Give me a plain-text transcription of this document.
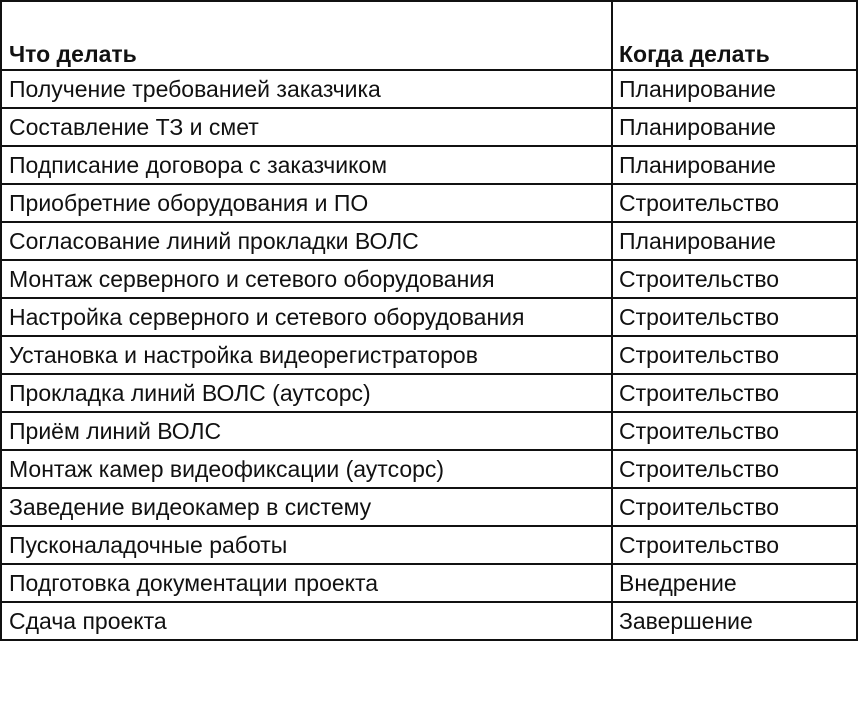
Что делать	Когда делать
Получение требованией заказчика	Планирование
Составление ТЗ и смет	Планирование
Подписание договора с заказчиком	Планирование
Приобретние оборудования и ПО	Строительство
Согласование линий прокладки ВОЛС	Планирование
Монтаж серверного и сетевого оборудования	Строительство
Настройка серверного и сетевого оборудования	Строительство
Установка и настройка видеорегистраторов	Строительство
Прокладка линий ВОЛС (аутсорс)	Строительство
Приём линий ВОЛС	Строительство
Монтаж камер видеофиксации (аутсорс)	Строительство
Заведение видеокамер в систему	Строительство
Пусконаладочные работы	Строительство
Подготовка документации проекта	Внедрение
Сдача проекта	Завершение
